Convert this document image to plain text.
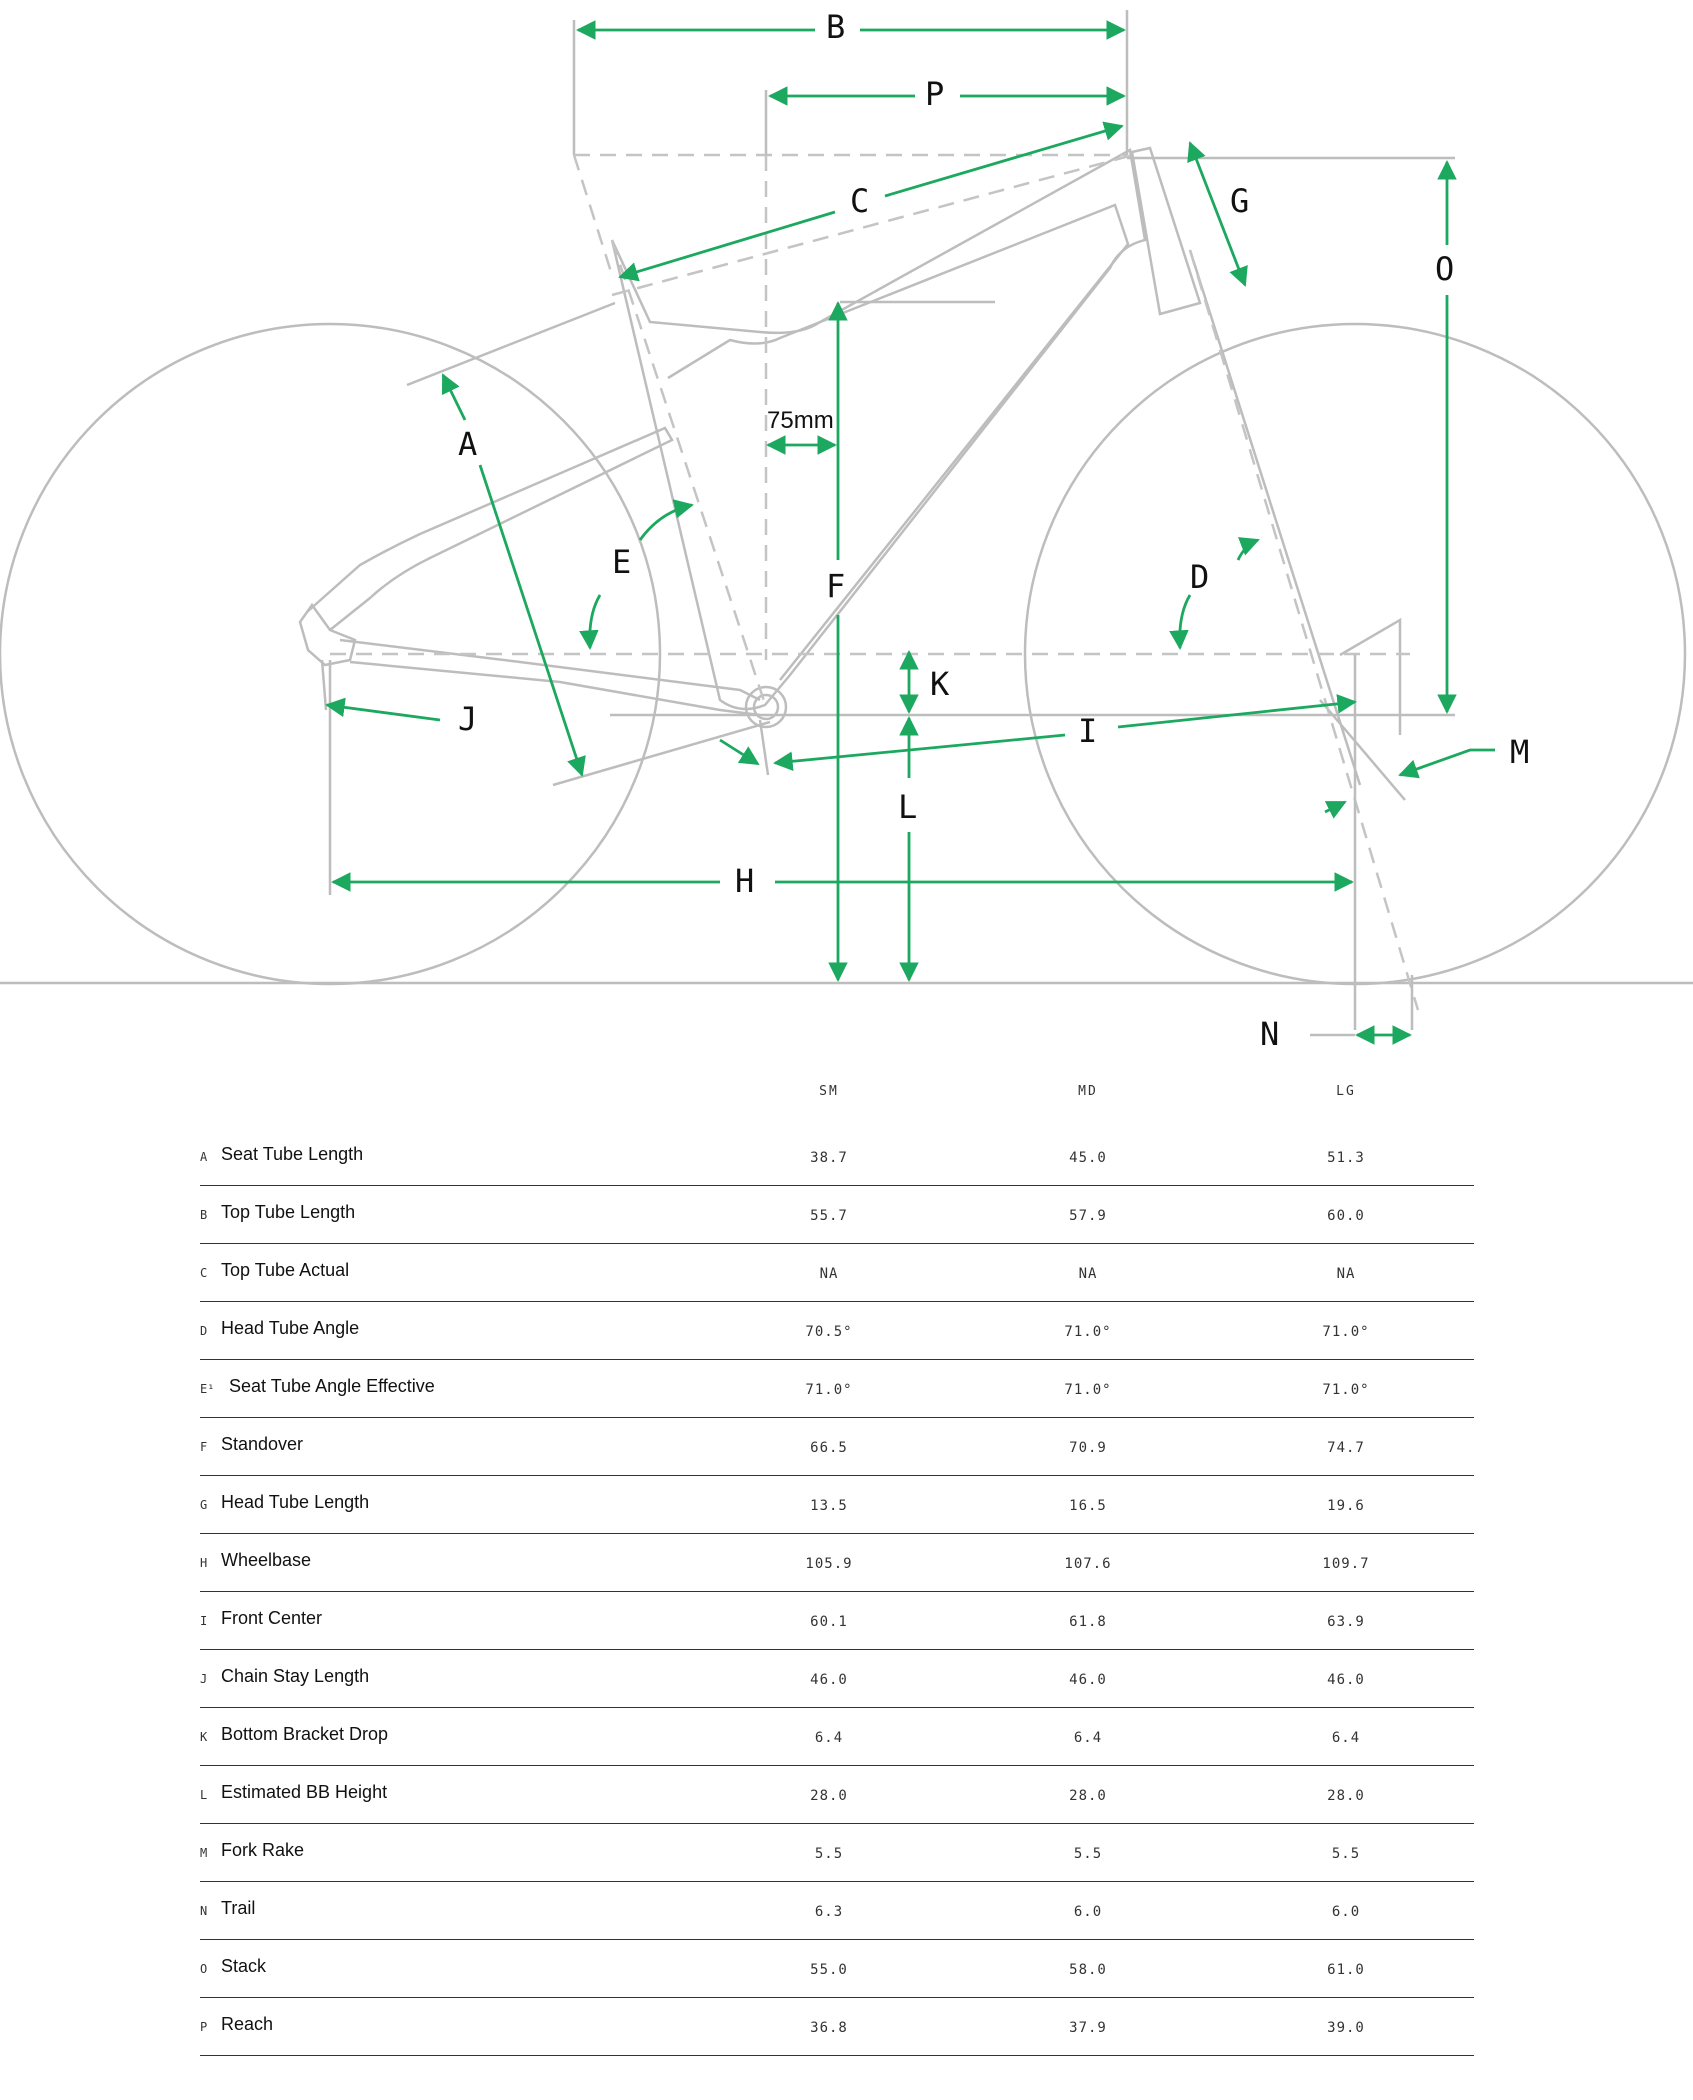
B
P
C	G
O
A
75mm
E
F	D
K
J	I
M
L
H
N
SM	MD	LG
A Seat Tube Length	38.7	45.0	51.3
B Top Tube Length	55.7	57.9	60.0
C Top Tube Actual	NA	NA	NA
D Head Tube Angle	70.5°	71.0°	71.0°
E¹ Seat Tube Angle Effective	71.0°	71.0°	71.0°
F Standover	66.5	70.9	74.7
G Head Tube Length	13.5	16.5	19.6
H Wheelbase	105.9	107.6	109.7
I Front Center	60.1	61.8	63.9
J Chain Stay Length	46.0	46.0	46.0
K Bottom Bracket Drop	6.4	6.4	6.4
L Estimated BB Height	28.0	28.0	28.0
M Fork Rake	5.5	5.5	5.5
N Trail	6.3	6.0	6.0
O Stack	55.0	58.0	61.0
P Reach	36.8	37.9	39.0
